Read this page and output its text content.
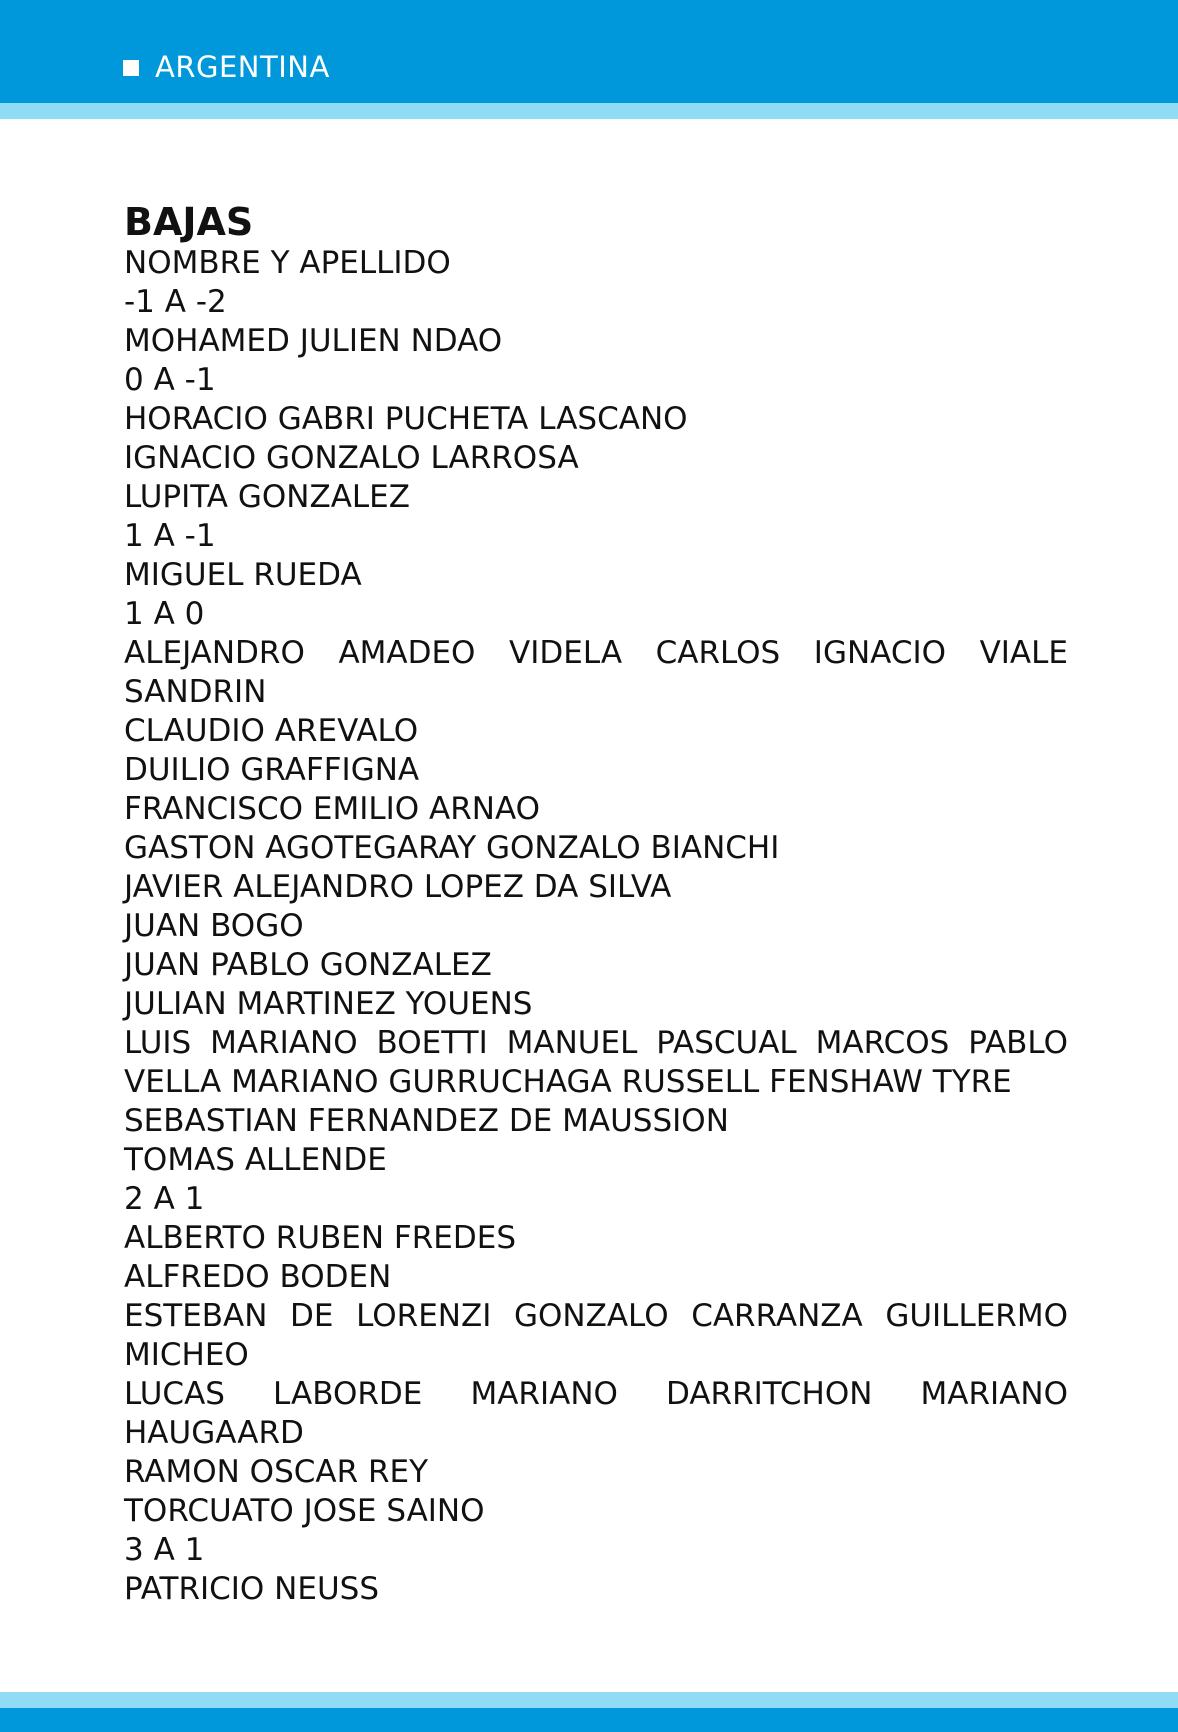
ARGENTINA
BAJAS
NOMBRE Y APELLIDO
-1 A -2
MOHAMED JULIEN NDAO
0 A -1
HORACIO GABRI PUCHETA LASCANO
IGNACIO GONZALO LARROSA
LUPITA GONZALEZ
1 A -1
MIGUEL RUEDA
1 A 0
ALEJANDRO AMADEO VIDELA CARLOS IGNACIO VIALE SANDRIN
CLAUDIO AREVALO
DUILIO GRAFFIGNA
FRANCISCO EMILIO ARNAO
GASTON AGOTEGARAY GONZALO BIANCHI
JAVIER ALEJANDRO LOPEZ DA SILVA
JUAN BOGO
JUAN PABLO GONZALEZ
JULIAN MARTINEZ YOUENS
LUIS MARIANO BOETTI MANUEL PASCUAL MARCOS PABLO VELLA MARIANO GURRUCHAGA RUSSELL FENSHAW TYRE
SEBASTIAN FERNANDEZ DE MAUSSION
TOMAS ALLENDE
2 A 1
ALBERTO RUBEN FREDES
ALFREDO BODEN
ESTEBAN DE LORENZI GONZALO CARRANZA GUILLERMO MICHEO
LUCAS LABORDE MARIANO DARRITCHON MARIANO HAUGAARD
RAMON OSCAR REY
TORCUATO JOSE SAINO
3 A 1
PATRICIO NEUSS
